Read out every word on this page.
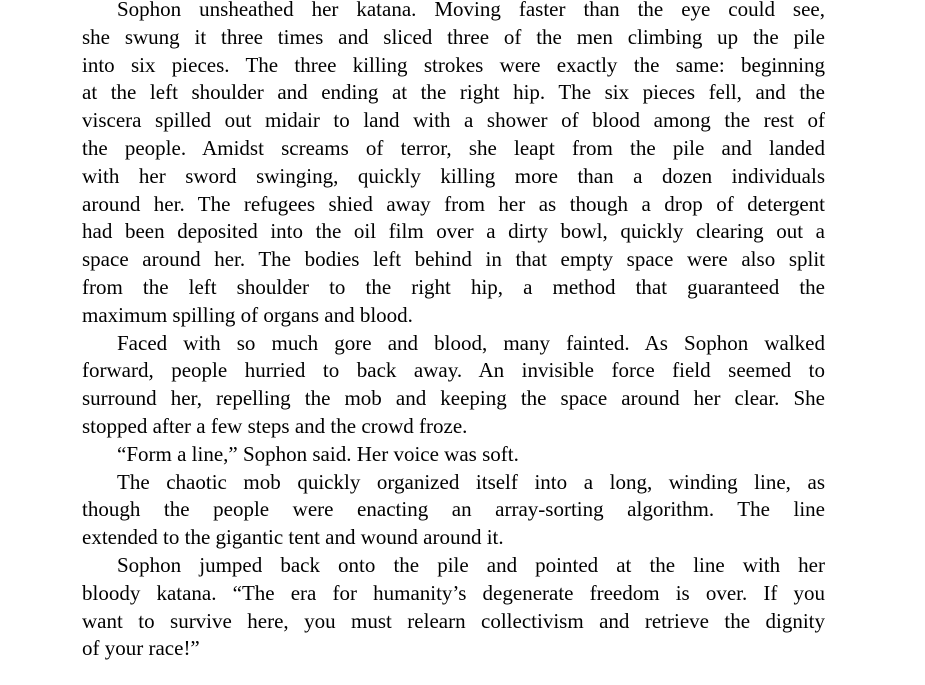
Sophon unsheathed her katana. Moving faster than the eye could see,
she swung it three times and sliced three of the men climbing up the pile
into six pieces. The three killing strokes were exactly the same: beginning
at the left shoulder and ending at the right hip. The six pieces fell, and the
viscera spilled out midair to land with a shower of blood among the rest of
the people. Amidst screams of terror, she leapt from the pile and landed
with her sword swinging, quickly killing more than a dozen individuals
around her. The refugees shied away from her as though a drop of detergent
had been deposited into the oil film over a dirty bowl, quickly clearing out a
space around her. The bodies left behind in that empty space were also split
from the left shoulder to the right hip, a method that guaranteed the
maximum spilling of organs and blood.
Faced with so much gore and blood, many fainted. As Sophon walked
forward, people hurried to back away. An invisible force field seemed to
surround her, repelling the mob and keeping the space around her clear. She
stopped after a few steps and the crowd froze.
“Form a line,” Sophon said. Her voice was soft.
The chaotic mob quickly organized itself into a long, winding line, as
though the people were enacting an array-sorting algorithm. The line
extended to the gigantic tent and wound around it.
Sophon jumped back onto the pile and pointed at the line with her
bloody katana. “The era for humanity’s degenerate freedom is over. If you
want to survive here, you must relearn collectivism and retrieve the dignity
of your race!”
